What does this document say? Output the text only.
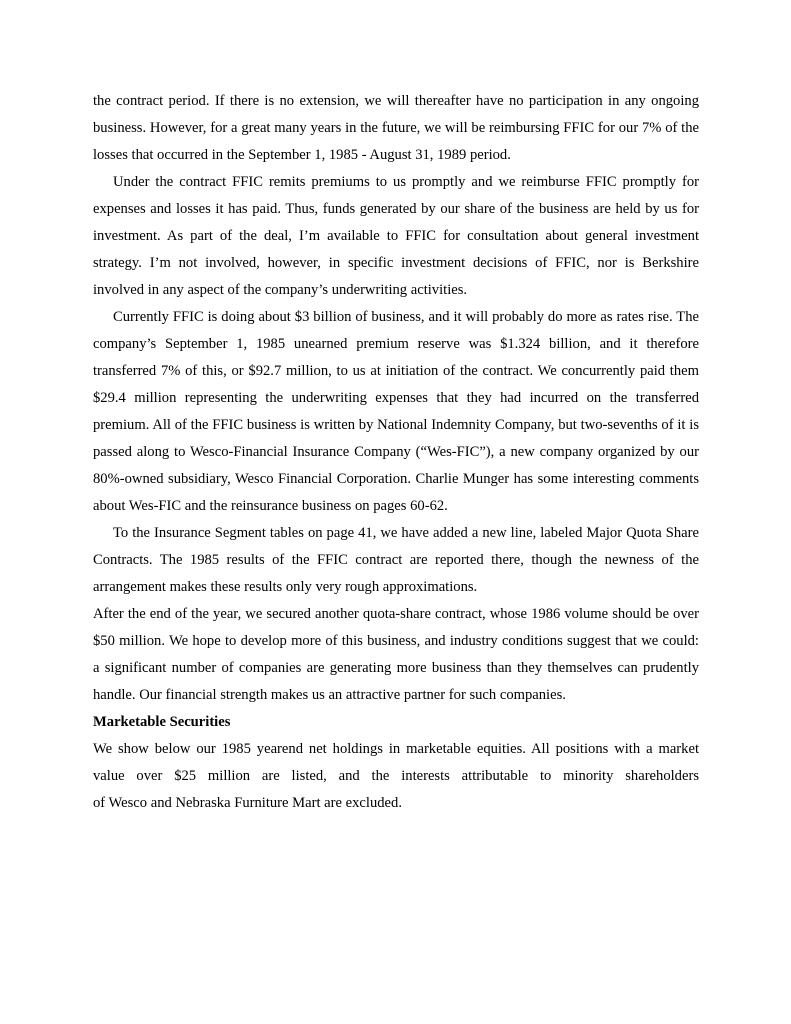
the contract period. If there is no extension, we will thereafter have no participation in any ongoing business. However, for a great many years in the future, we will be reimbursing FFIC for our 7% of the losses that occurred in the September 1, 1985 - August 31, 1989 period.

Under the contract FFIC remits premiums to us promptly and we reimburse FFIC promptly for expenses and losses it has paid. Thus, funds generated by our share of the business are held by us for investment. As part of the deal, I’m available to FFIC for consultation about general investment strategy. I’m not involved, however, in specific investment decisions of FFIC, nor is Berkshire involved in any aspect of the company’s underwriting activities.

Currently FFIC is doing about $3 billion of business, and it will probably do more as rates rise. The company’s September 1, 1985 unearned premium reserve was $1.324 billion, and it therefore transferred 7% of this, or $92.7 million, to us at initiation of the contract. We concurrently paid them $29.4 million representing the underwriting expenses that they had incurred on the transferred premium. All of the FFIC business is written by National Indemnity Company, but two-sevenths of it is passed along to Wesco-Financial Insurance Company (“Wes-FIC”), a new company organized by our 80%-owned subsidiary, Wesco Financial Corporation. Charlie Munger has some interesting comments about Wes-FIC and the reinsurance business on pages 60-62.

To the Insurance Segment tables on page 41, we have added a new line, labeled Major Quota Share Contracts. The 1985 results of the FFIC contract are reported there, though the newness of the arrangement makes these results only very rough approximations.

After the end of the year, we secured another quota-share contract, whose 1986 volume should be over $50 million. We hope to develop more of this business, and industry conditions suggest that we could: a significant number of companies are generating more business than they themselves can prudently handle. Our financial strength makes us an attractive partner for such companies.

Marketable Securities

We show below our 1985 yearend net holdings in marketable equities. All positions with a market value over $25 million are listed, and the interests attributable to minority shareholders

of Wesco and Nebraska Furniture Mart are excluded.
